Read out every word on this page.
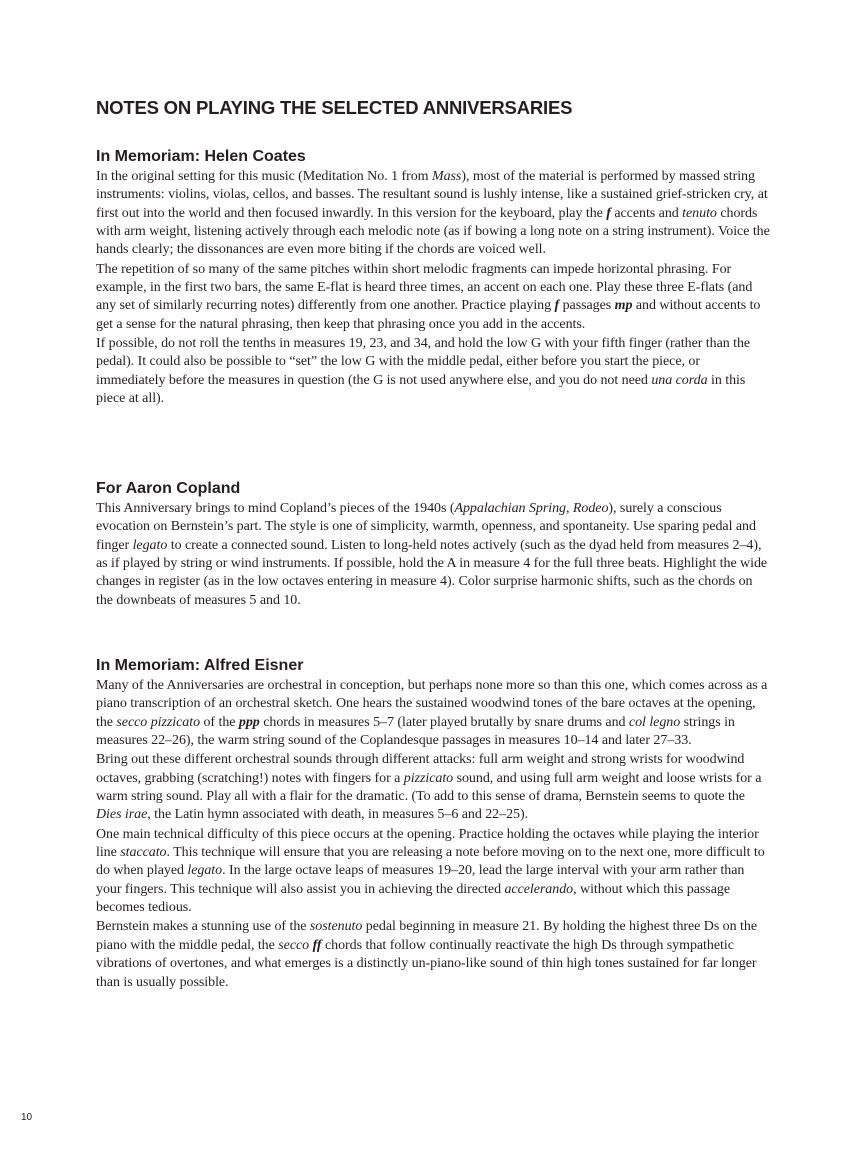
NOTES ON PLAYING THE SELECTED ANNIVERSARIES
In Memoriam: Helen Coates

In the original setting for this music (Meditation No. 1 from Mass), most of the material is performed by massed string instruments: violins, violas, cellos, and basses. The resultant sound is lushly intense, like a sustained grief-stricken cry, at first out into the world and then focused inwardly. In this version for the keyboard, play the f accents and tenuto chords with arm weight, listening actively through each melodic note (as if bowing a long note on a string instrument). Voice the hands clearly; the dissonances are even more biting if the chords are voiced well.

The repetition of so many of the same pitches within short melodic fragments can impede horizontal phrasing. For example, in the first two bars, the same E-flat is heard three times, an accent on each one. Play these three E-flats (and any set of similarly recurring notes) differently from one another. Practice playing f passages mp and without accents to get a sense for the natural phrasing, then keep that phrasing once you add in the accents.

If possible, do not roll the tenths in measures 19, 23, and 34, and hold the low G with your fifth finger (rather than the pedal). It could also be possible to “set” the low G with the middle pedal, either before you start the piece, or immediately before the measures in question (the G is not used anywhere else, and you do not need una corda in this piece at all).

For Aaron Copland

This Anniversary brings to mind Copland’s pieces of the 1940s (Appalachian Spring, Rodeo), surely a conscious evocation on Bernstein’s part. The style is one of simplicity, warmth, openness, and spontaneity. Use sparing pedal and finger legato to create a connected sound. Listen to long-held notes actively (such as the dyad held from measures 2–4), as if played by string or wind instruments. If possible, hold the A in measure 4 for the full three beats. Highlight the wide changes in register (as in the low octaves entering in measure 4). Color surprise harmonic shifts, such as the chords on the downbeats of measures 5 and 10.

In Memoriam: Alfred Eisner

Many of the Anniversaries are orchestral in conception, but perhaps none more so than this one, which comes across as a piano transcription of an orchestral sketch. One hears the sustained woodwind tones of the bare octaves at the opening, the secco pizzicato of the ppp chords in measures 5–7 (later played brutally by snare drums and col legno strings in measures 22–26), the warm string sound of the Coplandesque passages in measures 10–14 and later 27–33.

Bring out these different orchestral sounds through different attacks: full arm weight and strong wrists for woodwind octaves, grabbing (scratching!) notes with fingers for a pizzicato sound, and using full arm weight and loose wrists for a warm string sound. Play all with a flair for the dramatic. (To add to this sense of drama, Bernstein seems to quote the Dies irae, the Latin hymn associated with death, in measures 5–6 and 22–25).

One main technical difficulty of this piece occurs at the opening. Practice holding the octaves while playing the interior line staccato. This technique will ensure that you are releasing a note before moving on to the next one, more difficult to do when played legato. In the large octave leaps of measures 19–20, lead the large interval with your arm rather than your fingers. This technique will also assist you in achieving the directed accelerando, without which this passage becomes tedious.

Bernstein makes a stunning use of the sostenuto pedal beginning in measure 21. By holding the highest three Ds on the piano with the middle pedal, the secco ff chords that follow continually reactivate the high Ds through sympathetic vibrations of overtones, and what emerges is a distinctly un-piano-like sound of thin high tones sustained for far longer than is usually possible.

10
